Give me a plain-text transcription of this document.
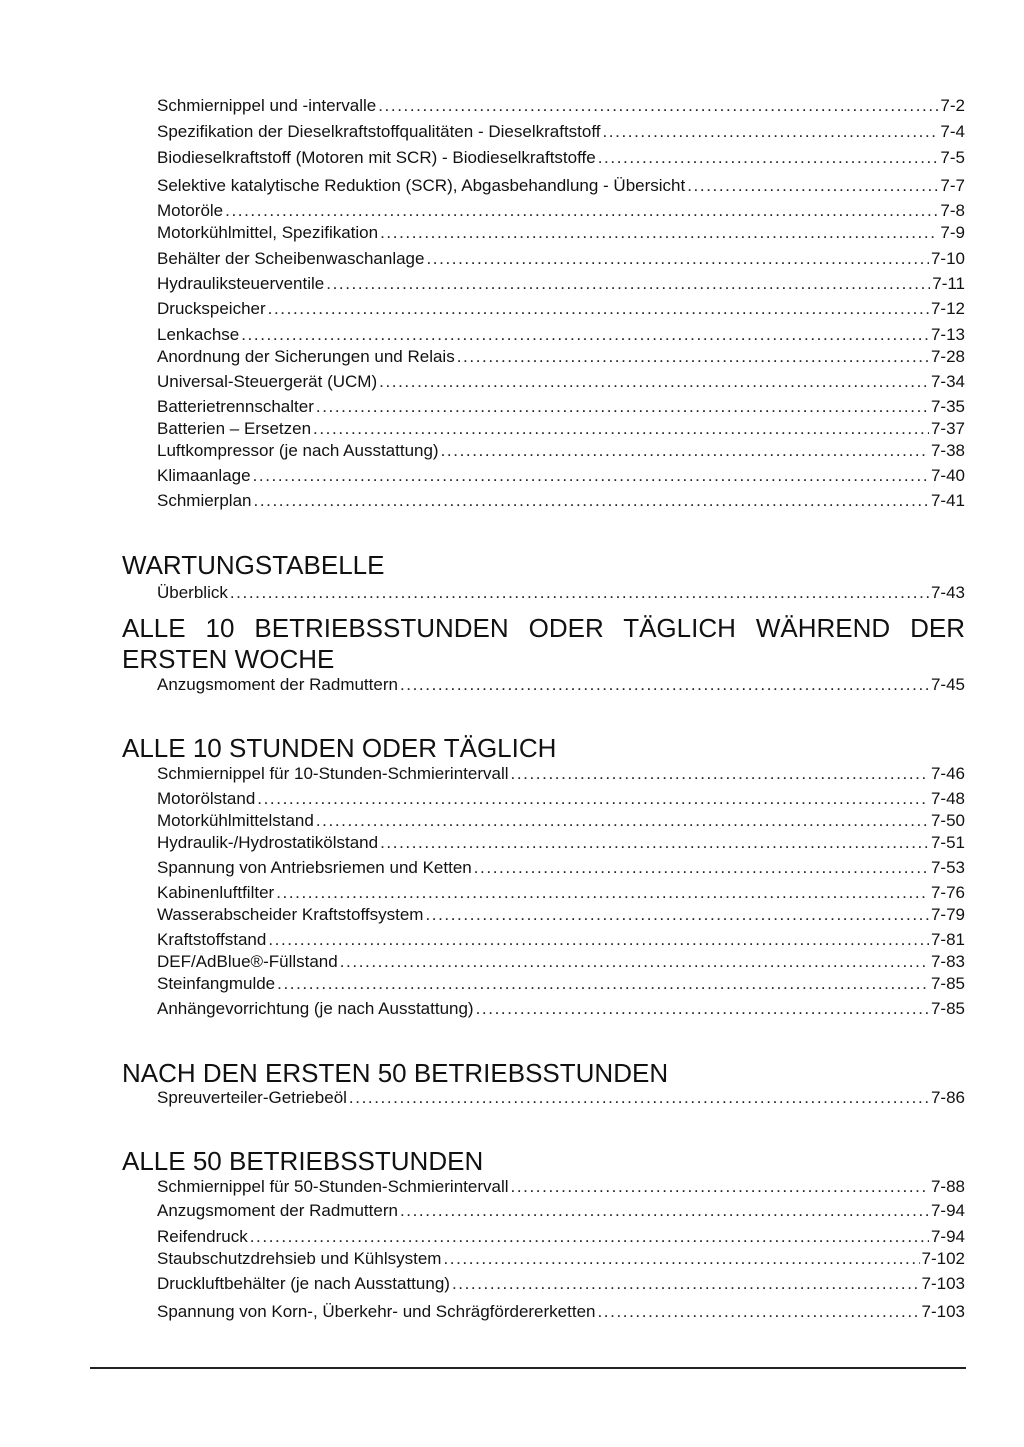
Schmiernippel und -intervalle .....	7-2
Spezifikation der Dieselkraftstoffqualitäten - Dieselkraftstoff .....	7-4
Biodieselkraftstoff (Motoren mit SCR) - Biodieselkraftstoffe .....	7-5
Selektive katalytische Reduktion (SCR), Abgasbehandlung - Übersicht .....	7-7
Motoröle .....	7-8
Motorkühlmittel, Spezifikation .....	7-9
Behälter der Scheibenwaschanlage .....	7-10
Hydrauliksteuerventile .....	7-11
Druckspeicher .....	7-12
Lenkachse .....	7-13
Anordnung der Sicherungen und Relais .....	7-28
Universal-Steuergerät (UCM) .....	7-34
Batterietrennschalter .....	7-35
Batterien – Ersetzen .....	7-37
Luftkompressor (je nach Ausstattung) .....	7-38
Klimaanlage .....	7-40
Schmierplan .....	7-41
WARTUNGSTABELLE
Überblick .....	7-43
ALLE 10 BETRIEBSSTUNDEN ODER TÄGLICH WÄHREND DER ERSTEN WOCHE
Anzugsmoment der Radmuttern .....	7-45
ALLE 10 STUNDEN ODER TÄGLICH
Schmiernippel für 10-Stunden-Schmierintervall .....	7-46
Motorölstand .....	7-48
Motorkühlmittelstand .....	7-50
Hydraulik-/Hydrostatikölstand .....	7-51
Spannung von Antriebsriemen und Ketten .....	7-53
Kabinenluftfilter .....	7-76
Wasserabscheider Kraftstoffsystem .....	7-79
Kraftstoffstand .....	7-81
DEF/AdBlue®-Füllstand .....	7-83
Steinfangmulde .....	7-85
Anhängevorrichtung (je nach Ausstattung) .....	7-85
NACH DEN ERSTEN 50 BETRIEBSSTUNDEN
Spreuverteiler-Getriebeöl .....	7-86
ALLE 50 BETRIEBSSTUNDEN
Schmiernippel für 50-Stunden-Schmierintervall .....	7-88
Anzugsmoment der Radmuttern .....	7-94
Reifendruck .....	7-94
Staubschutzdrehsieb und Kühlsystem .....	7-102
Druckluftbehälter (je nach Ausstattung) .....	7-103
Spannung von Korn-, Überkehr- und Schrägfördererketten .....	7-103
